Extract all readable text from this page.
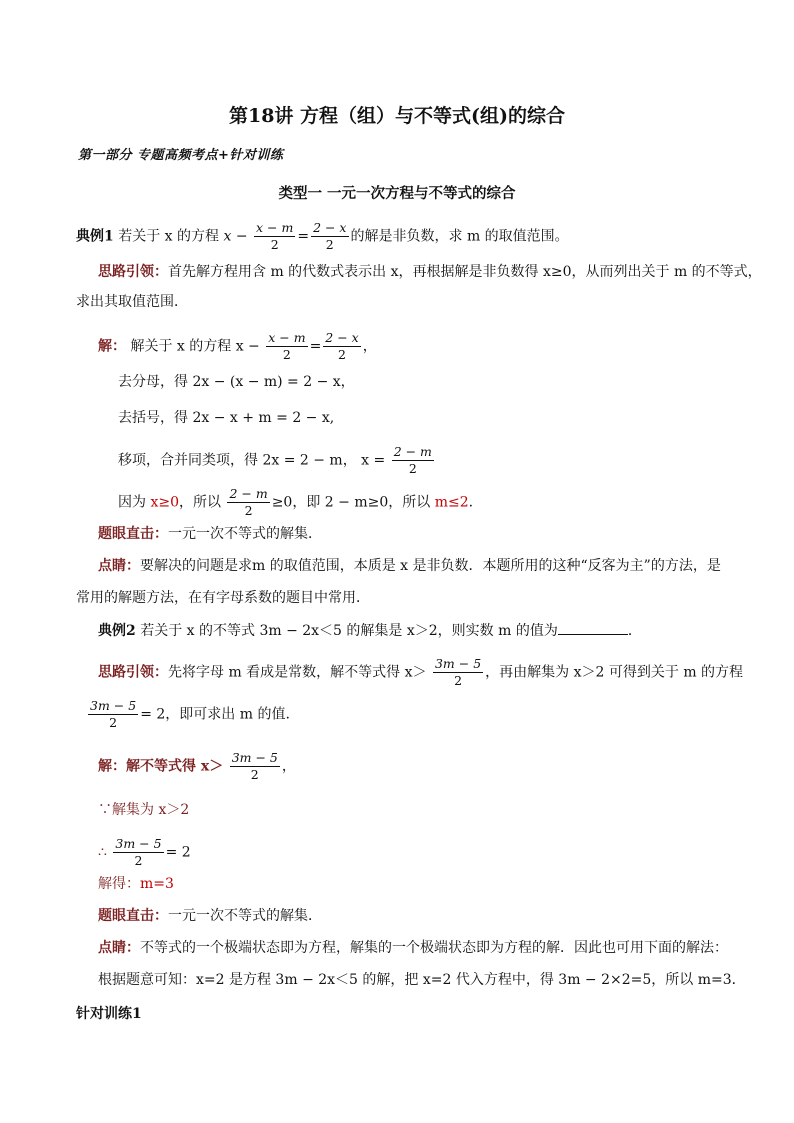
第18讲 方程（组）与不等式(组)的综合
第一部分 专题高频考点+针对训练
类型一 一元一次方程与不等式的综合
典例1 若关于 x 的方程 $x - \frac{x - m}{2} = \frac{2 - x}{2}$ 的解是非负数，求 m 的取值范围。
思路引领：首先解方程用含 m 的代数式表示出 x，再根据解是非负数得 x≥0，从而列出关于 m 的不等式，
求出其取值范围．
解： 解关于 x 的方程 $x - \frac{x - m}{2} = \frac{2 - x}{2}$ ，
去分母，得 2x − (x − m) = 2 − x，
去括号，得 2x − x + m = 2 − x,
移项，合并同类项，得 2x = 2 − m， $x = \frac{2 - m}{2}$
因为 x≥0，所以 $\frac{2 - m}{2} \ge 0$，即 2 − m≥0，所以 m≤2.
题眼直击：一元一次不等式的解集．
点睛：要解决的问题是求m 的取值范围，本质是 x 是非负数．本题所用的这种“反客为主”的方法，是
常用的解题方法，在有字母系数的题目中常用．
典例2 若关于 x 的不等式 3m − 2x＜5 的解集是 x＞2，则实数 m 的值为	．
思路引领：先将字母 m 看成是常数，解不等式得 $x> \frac{3m - 5}{2}$ ，再由解集为 x＞2 可得到关于 m 的方程
$\frac{3m - 5}{2} = 2$，即可求出 m 的值.
解：解不等式得 $x> \frac{3m - 5}{2}$ ，
∵解集为 x＞2
∴ $\frac{3m - 5}{2} = 2$
解得：m=3
题眼直击：一元一次不等式的解集．
点睛：不等式的一个极端状态即为方程，解集的一个极端状态即为方程的解．因此也可用下面的解法：
根据题意可知：x=2 是方程 3m − 2x＜5 的解，把 x=2 代入方程中，得 3m − 2×2=5，所以 m=3．
针对训练1
